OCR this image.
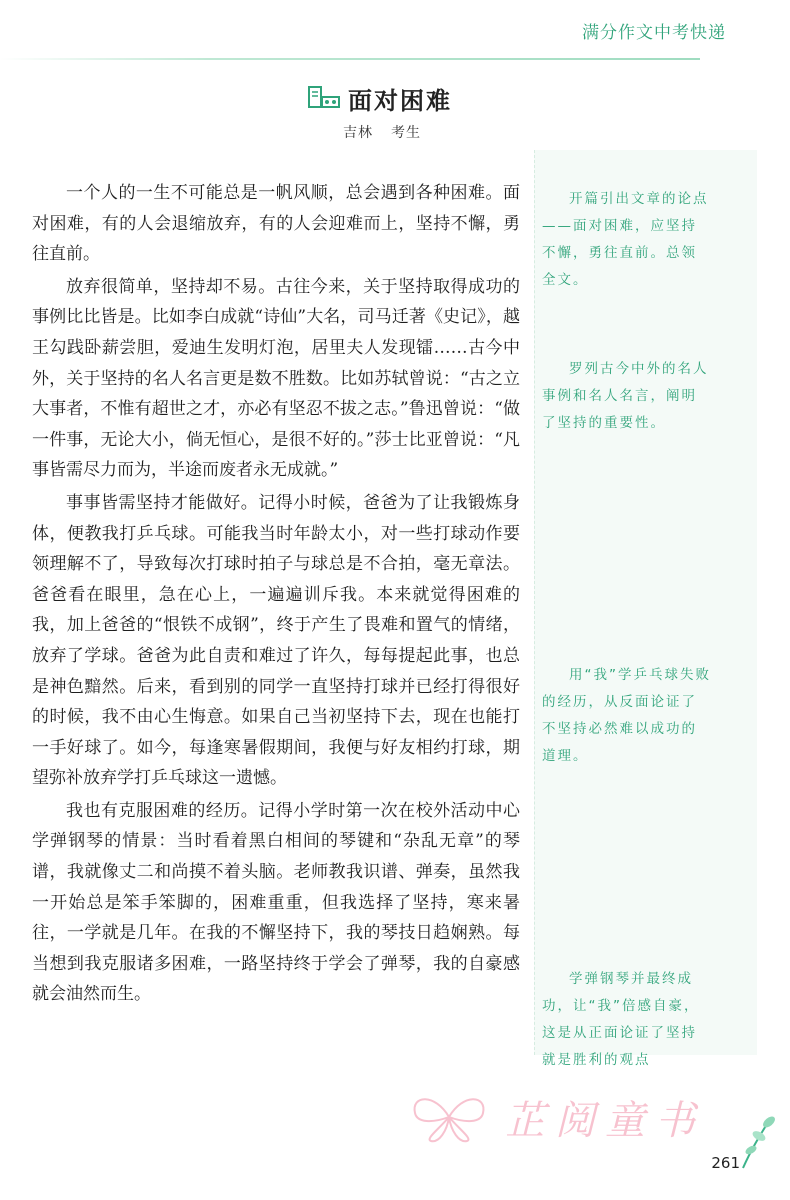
满分作文中考快递
面对困难
吉林 考生

一个人的一生不可能总是一帆风顺，总会遇到各种困难。面对困难，有的人会退缩放弃，有的人会迎难而上，坚持不懈，勇往直前。

放弃很简单，坚持却不易。古往今来，关于坚持取得成功的事例比比皆是。比如李白成就“诗仙”大名，司马迁著《史记》，越王勾践卧薪尝胆，爱迪生发明灯泡，居里夫人发现镭……古今中外，关于坚持的名人名言更是数不胜数。比如苏轼曾说：“古之立大事者，不惟有超世之才，亦必有坚忍不拔之志。”鲁迅曾说：“做一件事，无论大小，倘无恒心，是很不好的。”莎士比亚曾说：“凡事皆需尽力而为，半途而废者永无成就。”

事事皆需坚持才能做好。记得小时候，爸爸为了让我锻炼身体，便教我打乒乓球。可能我当时年龄太小，对一些打球动作要领理解不了，导致每次打球时拍子与球总是不合拍，毫无章法。爸爸看在眼里，急在心上，一遍遍训斥我。本来就觉得困难的我，加上爸爸的“恨铁不成钢”，终于产生了畏难和置气的情绪，放弃了学球。爸爸为此自责和难过了许久，每每提起此事，也总是神色黯然。后来，看到别的同学一直坚持打球并已经打得很好的时候，我不由心生悔意。如果自己当初坚持下去，现在也能打一手好球了。如今，每逢寒暑假期间，我便与好友相约打球，期望弥补放弃学打乒乓球这一遗憾。

我也有克服困难的经历。记得小学时第一次在校外活动中心学弹钢琴的情景：当时看着黑白相间的琴键和“杂乱无章”的琴谱，我就像丈二和尚摸不着头脑。老师教我识谱、弹奏，虽然我一开始总是笨手笨脚的，困难重重，但我选择了坚持，寒来暑往，一学就是几年。在我的不懈坚持下，我的琴技日趋娴熟。每当想到我克服诸多困难，一路坚持终于学会了弹琴，我的自豪感就会油然而生。

开篇引出文章的论点——面对困难，应坚持不懈，勇往直前。总领全文。
罗列古今中外的名人事例和名人名言，阐明了坚持的重要性。
用“我”学乒乓球失败的经历，从反面论证了不坚持必然难以成功的道理。
学弹钢琴并最终成功，让“我”倍感自豪，这是从正面论证了坚持就是胜利的观点
芷阅童书
261
